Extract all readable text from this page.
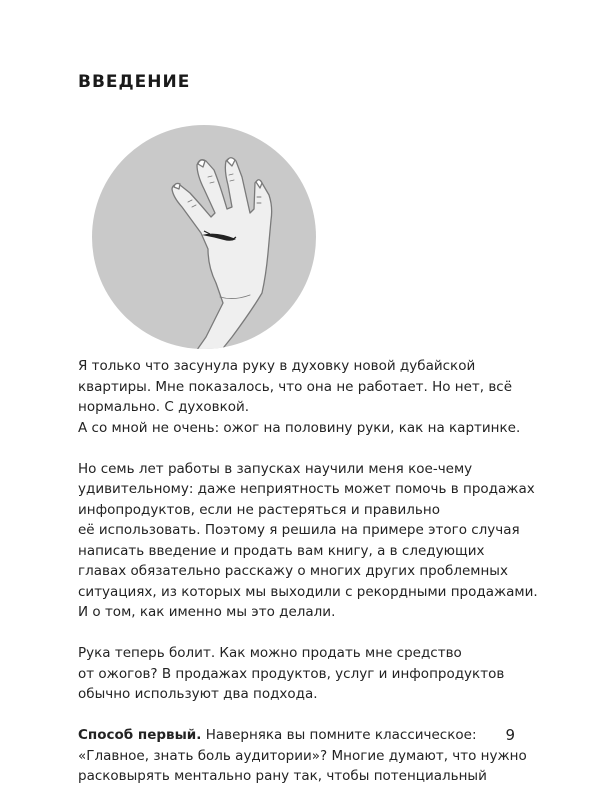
ВВЕДЕНИЕ

Я только что засунула руку в духовку новой дубайской
квартиры. Мне показалось, что она не работает. Но нет, всё
нормально. С духовкой.
А со мной не очень: ожог на половину руки, как на картинке.

Но семь лет работы в запусках научили меня кое-чему
удивительному: даже неприятность может помочь в продажах
инфопродуктов, если не растеряться и правильно
её использовать. Поэтому я решила на примере этого случая
написать введение и продать вам книгу, а в следующих
главах обязательно расскажу о многих других проблемных
ситуациях, из которых мы выходили с рекордными продажами.
И о том, как именно мы это делали.

Рука теперь болит. Как можно продать мне средство
от ожогов? В продажах продуктов, услуг и инфопродуктов
обычно используют два подхода.

Способ первый. Наверняка вы помните классическое:
«Главное, знать боль аудитории»? Многие думают, что нужно
расковырять ментально рану так, чтобы потенциальный

9
